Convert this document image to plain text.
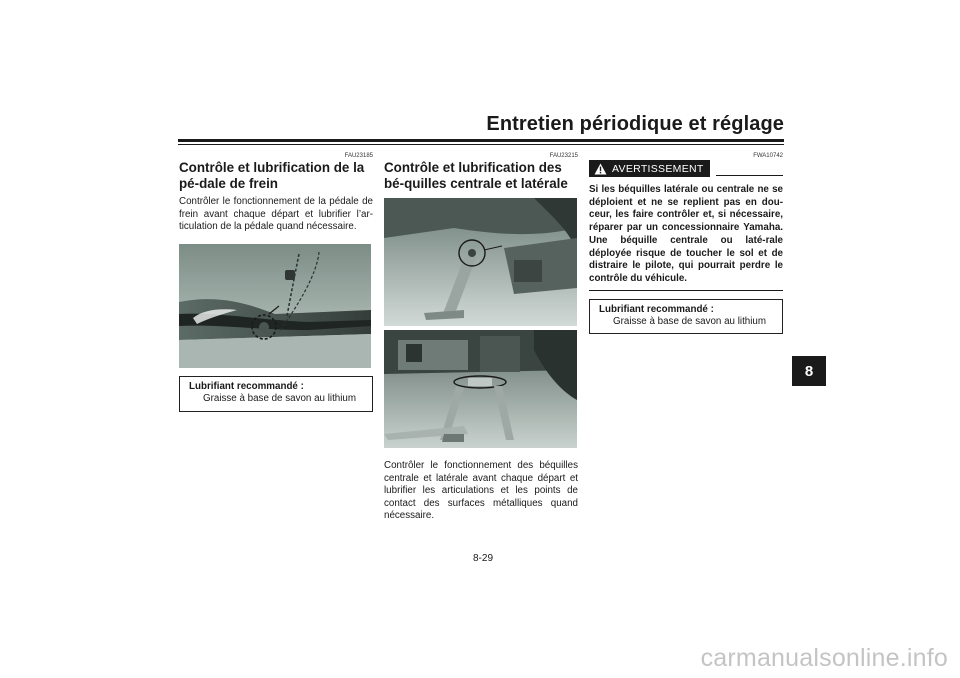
Entretien périodique et réglage
FAU23185
Contrôle et lubrification de la pé-dale de frein

Contrôler le fonctionnement de la pédale de frein avant chaque départ et lubrifier l’ar-ticulation de la pédale quand nécessaire.

Lubrifiant recommandé :
Graisse à base de savon au lithium
FAU23215
Contrôle et lubrification des bé-quilles centrale et latérale

Contrôler le fonctionnement des béquilles centrale et latérale avant chaque départ et lubrifier les articulations et les points de contact des surfaces métalliques quand nécessaire.

FWA10742
AVERTISSEMENT

Si les béquilles latérale ou centrale ne se déploient et ne se replient pas en dou-ceur, les faire contrôler et, si nécessaire, réparer par un concessionnaire Yamaha. Une béquille centrale ou laté-rale déployée risque de toucher le sol et de distraire le pilote, qui pourrait perdre le contrôle du véhicule.

Lubrifiant recommandé :
Graisse à base de savon au lithium
8
8-29
carmanualsonline.info
